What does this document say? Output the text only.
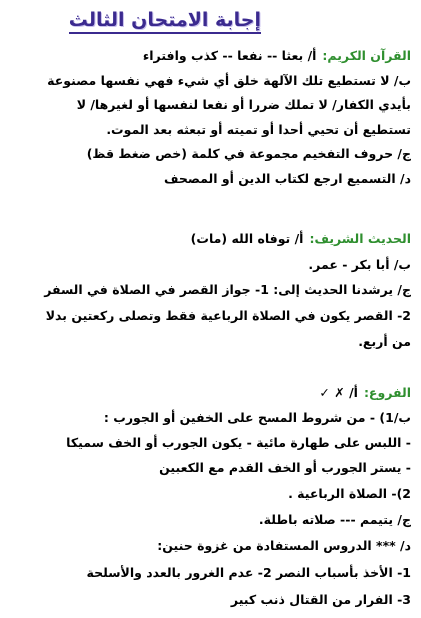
إجابة الامتحان الثالث
القرآن الكريم:أ/ بعثا -- نفعا -- كذب وافتراء
ب/ لا تستطيع تلك الآلهة خلق أي شيء فهي نفسها مصنوعة
بأيدي الكفار/ لا تملك ضررا أو نفعا لنفسها أو لغيرها/ لا
تستطيع أن تحيي أحدا أو تميته أو تبعثه بعد الموت.
ج/ حروف التفخيم مجموعة في كلمة (خص ضغط قظ)
د/ التسميع ارجع لكتاب الدين أو المصحف
الحديث الشريف:أ/ توفاه الله (مات)
ب/ أبا بكر - عمر.
ج/ يرشدنا الحديث إلى: 1- جواز القصر في الصلاة في السفر
2- القصر يكون في الصلاة الرباعية فقط وتصلى ركعتين بدلا
من أربع.
الفروع:أ/ ✗ ✓
ب/1) - من شروط المسح على الخفين أو الجورب :
- اللبس على طهارة مائية - يكون الجورب أو الخف سميكا
- يستر الجورب أو الخف القدم مع الكعبين
2)- الصلاة الرباعية .
ج/ يتيمم --- صلاته باطلة.
د/ *** الدروس المستفادة من غزوة حنين:
1- الأخذ بأسباب النصر 2- عدم الغرور بالعدد والأسلحة
3- الفرار من القتال ذنب كبير
